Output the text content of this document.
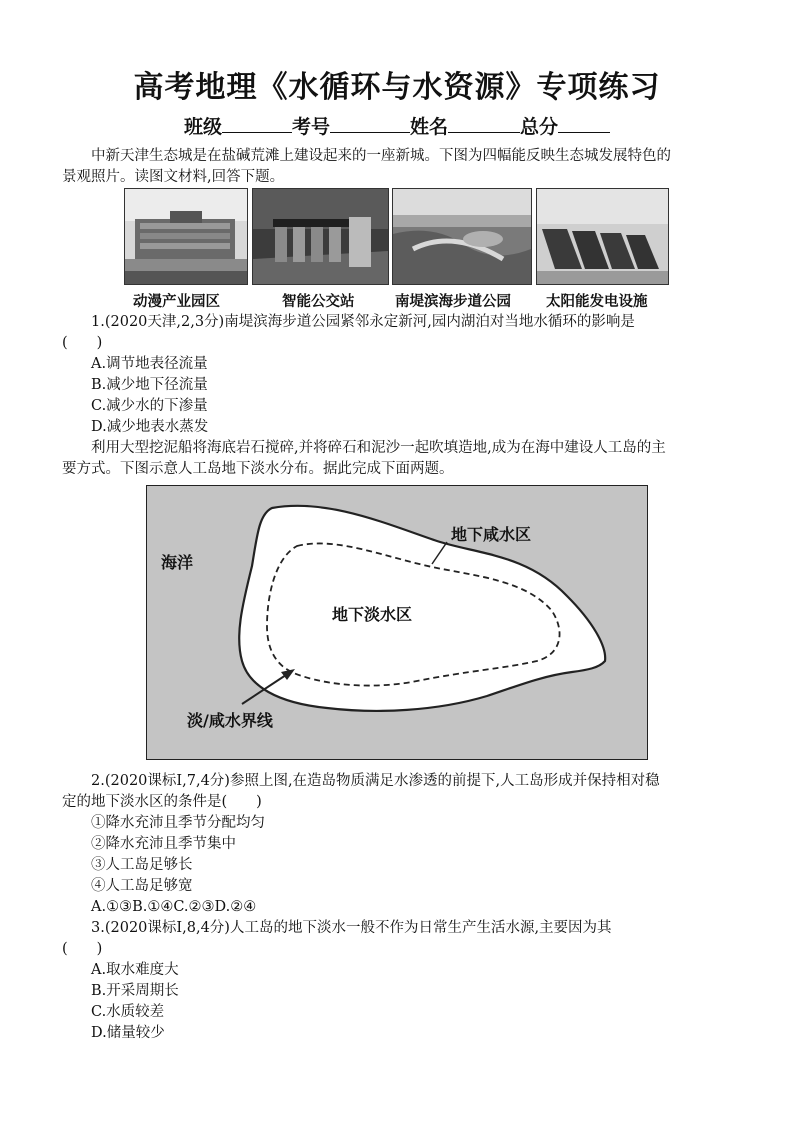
高考地理《水循环与水资源》专项练习
班级	考号	姓名	总分
中新天津生态城是在盐碱荒滩上建设起来的一座新城。下图为四幅能反映生态城发展特色的
景观照片。读图文材料,回答下题。
动漫产业园区	智能公交站	南堤滨海步道公园 太阳能发电设施
1.(2020天津,2,3分)南堤滨海步道公园紧邻永定新河,园内湖泊对当地水循环的影响是
(　　)
A.调节地表径流量
B.减少地下径流量
C.减少水的下渗量
D.减少地表水蒸发
利用大型挖泥船将海底岩石搅碎,并将碎石和泥沙一起吹填造地,成为在海中建设人工岛的主
要方式。下图示意人工岛地下淡水分布。据此完成下面两题。
海洋
地下咸水区
地下淡水区
淡/咸水界线
2.(2020课标Ⅰ,7,4分)参照上图,在造岛物质满足水渗透的前提下,人工岛形成并保持相对稳
定的地下淡水区的条件是(　　)
①降水充沛且季节分配均匀
②降水充沛且季节集中
③人工岛足够长
④人工岛足够宽
A.①③B.①④C.②③D.②④
3.(2020课标Ⅰ,8,4分)人工岛的地下淡水一般不作为日常生产生活水源,主要因为其
(　　)
A.取水难度大
B.开采周期长
C.水质较差
D.储量较少
